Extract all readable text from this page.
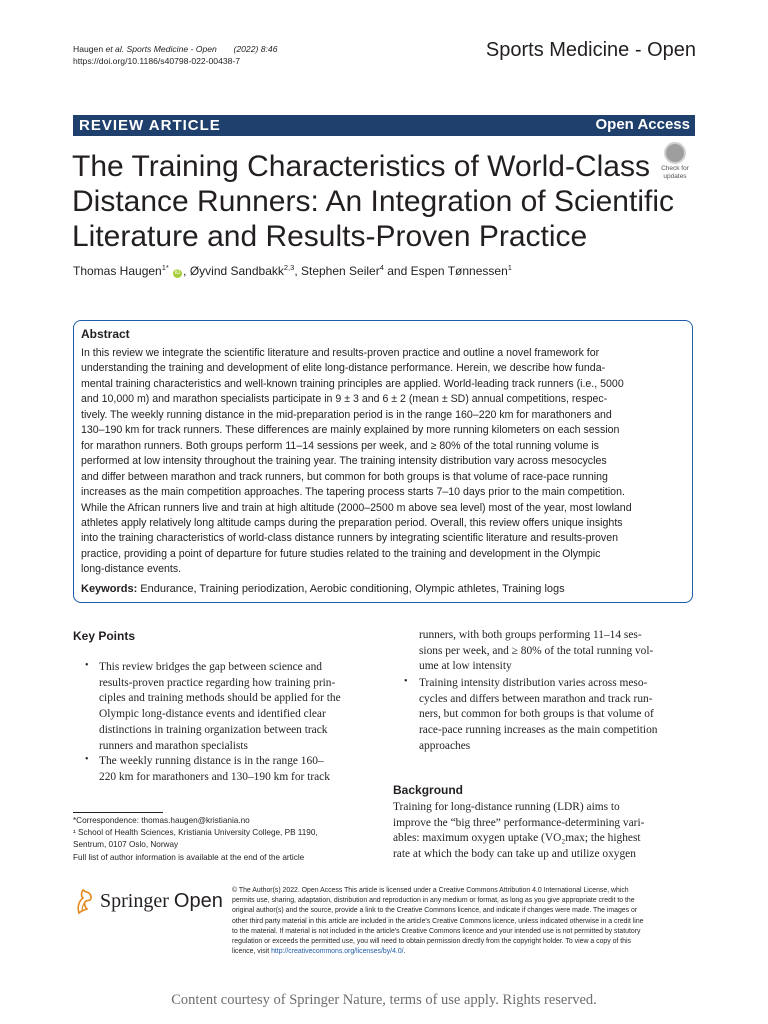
Haugen et al. Sports Medicine - Open (2022) 8:46
https://doi.org/10.1186/s40798-022-00438-7	Sports Medicine - Open
REVIEW ARTICLE	Open Access
The Training Characteristics of World-Class
Distance Runners: An Integration of Scientific
Literature and Results-Proven Practice
Check for
updates
Thomas Haugen$^{1*}$ iD , Øyvind Sandbakk$^{2,3}$, Stephen Seiler$^4$ and Espen Tønnessen$^1$
Abstract
In this review we integrate the scientific literature and results-proven practice and outline a novel framework for
understanding the training and development of elite long-distance performance. Herein, we describe how funda-
mental training characteristics and well-known training principles are applied. World-leading track runners (i.e., 5000
and 10,000 m) and marathon specialists participate in 9 ± 3 and 6 ± 2 (mean ± SD) annual competitions, respec-
tively. The weekly running distance in the mid-preparation period is in the range 160–220 km for marathoners and
130–190 km for track runners. These differences are mainly explained by more running kilometers on each session
for marathon runners. Both groups perform 11–14 sessions per week, and ≥ 80% of the total running volume is
performed at low intensity throughout the training year. The training intensity distribution vary across mesocycles
and differ between marathon and track runners, but common for both groups is that volume of race-pace running
increases as the main competition approaches. The tapering process starts 7–10 days prior to the main competition.
While the African runners live and train at high altitude (2000–2500 m above sea level) most of the year, most lowland
athletes apply relatively long altitude camps during the preparation period. Overall, this review offers unique insights
into the training characteristics of world-class distance runners by integrating scientific literature and results-proven
practice, providing a point of departure for future studies related to the training and development in the Olympic
long-distance events.
Keywords: Endurance, Training periodization, Aerobic conditioning, Olympic athletes, Training logs
Key Points
• This review bridges the gap between science and
results-proven practice regarding how training prin-
ciples and training methods should be applied for the
Olympic long-distance events and identified clear
distinctions in training organization between track
runners and marathon specialists
• The weekly running distance is in the range 160–
220 km for marathoners and 130–190 km for track
runners, with both groups performing 11–14 ses-
sions per week, and ≥ 80% of the total running vol-
ume at low intensity
• Training intensity distribution varies across meso-
cycles and differs between marathon and track run-
ners, but common for both groups is that volume of
race-pace running increases as the main competition
approaches
Background
Training for long-distance running (LDR) aims to
improve the “big three” performance-determining vari-
ables: maximum oxygen uptake (VO₂max; the highest
rate at which the body can take up and utilize oxygen
*Correspondence: thomas.haugen@kristiania.no
¹ School of Health Sciences, Kristiania University College, PB 1190,
Sentrum, 0107 Oslo, Norway
Full list of author information is available at the end of the article
Springer Open © The Author(s) 2022. Open Access This article is licensed under a Creative Commons Attribution 4.0 International License, which
permits use, sharing, adaptation, distribution and reproduction in any medium or format, as long as you give appropriate credit to the
original author(s) and the source, provide a link to the Creative Commons licence, and indicate if changes were made. The images or
other third party material in this article are included in the article's Creative Commons licence, unless indicated otherwise in a credit line
to the material. If material is not included in the article's Creative Commons licence and your intended use is not permitted by statutory
regulation or exceeds the permitted use, you will need to obtain permission directly from the copyright holder. To view a copy of this
licence, visit http://creativecommons.org/licenses/by/4.0/.
Content courtesy of Springer Nature, terms of use apply. Rights reserved.
